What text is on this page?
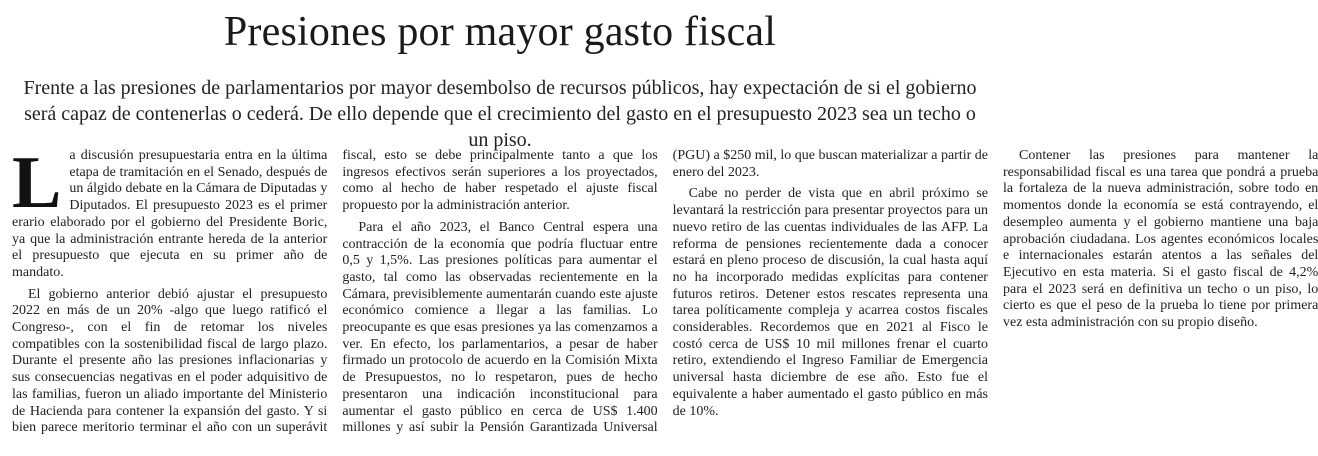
Presiones por mayor gasto fiscal

Frente a las presiones de parlamentarios por mayor desembolso de recursos públicos, hay expectación de si el gobierno será capaz de contenerlas o cederá. De ello depende que el crecimiento del gasto en el presupuesto 2023 sea un techo o un piso.

La discusión presupuestaria entra en la última etapa de tramitación en el Senado, después de un álgido debate en la Cámara de Diputadas y Diputados. El presupuesto 2023 es el primer erario elaborado por el gobierno del Presidente Boric, ya que la administración entrante hereda de la anterior el presupuesto que ejecuta en su primer año de mandato.

El gobierno anterior debió ajustar el presupuesto 2022 en más de un 20% -algo que luego ratificó el Congreso-, con el fin de retomar los niveles compatibles con la sostenibilidad fiscal de largo plazo. Durante el presente año las presiones inflacionarias y sus consecuencias negativas en el poder adquisitivo de las familias, fueron un aliado importante del Ministerio de Hacienda para contener la expansión del gasto. Y si bien parece meritorio terminar el año con un superávit fiscal, esto se debe principalmente tanto a que los ingresos efectivos serán superiores a los proyectados, como al hecho de haber respetado el ajuste fiscal propuesto por la administración anterior.

Para el año 2023, el Banco Central espera una contracción de la economía que podría fluctuar entre 0,5 y 1,5%. Las presiones políticas para aumentar el gasto, tal como las observadas recientemente en la Cámara, previsiblemente aumentarán cuando este ajuste económico comience a llegar a las familias. Lo preocupante es que esas presiones ya las comenzamos a ver. En efecto, los parlamentarios, a pesar de haber firmado un protocolo de acuerdo en la Comisión Mixta de Presupuestos, no lo respetaron, pues de hecho presentaron una indicación inconstitucional para aumentar el gasto público en cerca de US$ 1.400 millones y así subir la Pensión Garantizada Universal (PGU) a $250 mil, lo que buscan materializar a partir de enero del 2023.

Cabe no perder de vista que en abril próximo se levantará la restricción para presentar proyectos para un nuevo retiro de las cuentas individuales de las AFP. La reforma de pensiones recientemente dada a conocer estará en pleno proceso de discusión, la cual hasta aquí no ha incorporado medidas explícitas para contener futuros retiros. Detener estos rescates representa una tarea políticamente compleja y acarrea costos fiscales considerables. Recordemos que en 2021 al Fisco le costó cerca de US$ 10 mil millones frenar el cuarto retiro, extendiendo el Ingreso Familiar de Emergencia universal hasta diciembre de ese año. Esto fue el equivalente a haber aumentado el gasto público en más de 10%.

Contener las presiones para mantener la responsabilidad fiscal es una tarea que pondrá a prueba la fortaleza de la nueva administración, sobre todo en momentos donde la economía se está contrayendo, el desempleo aumenta y el gobierno mantiene una baja aprobación ciudadana. Los agentes económicos locales e internacionales estarán atentos a las señales del Ejecutivo en esta materia. Si el gasto fiscal de 4,2% para el 2023 será en definitiva un techo o un piso, lo cierto es que el peso de la prueba lo tiene por primera vez esta administración con su propio diseño.
